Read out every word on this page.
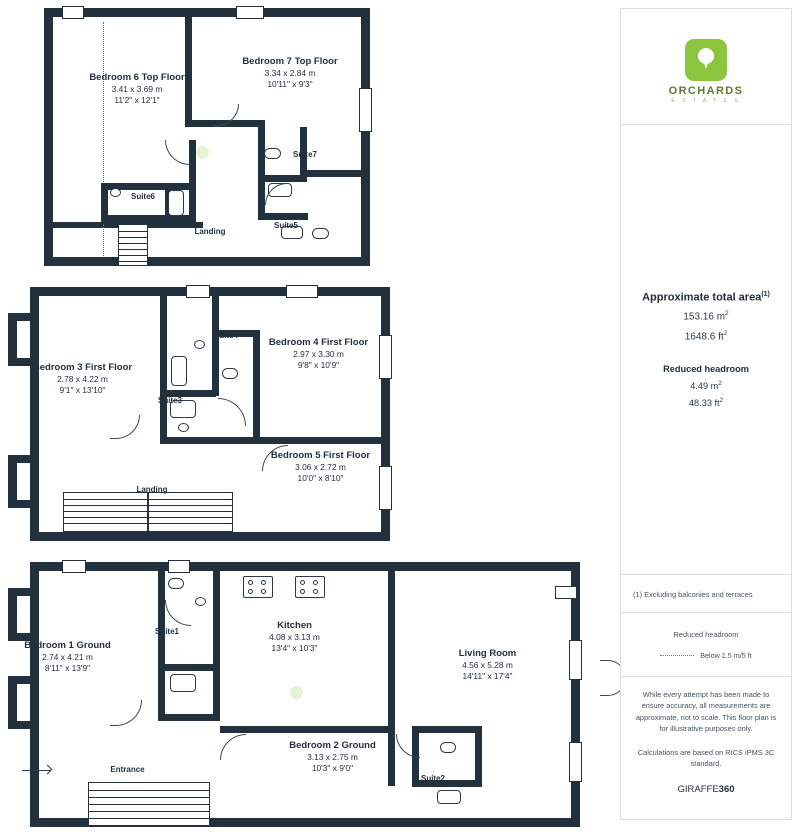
Bedroom 6 Top Floor
3.41 x 3.69 m
11'2" x 12'1"
Bedroom 7 Top Floor
3.34 x 2.84 m
10'11" x 9'3"
Suite7
Suite6
Suite5
Landing
Bedroom 3 First Floor
2.78 x 4.22 m
9'1" x 13'10"
Bedroom 4 First Floor
2.97 x 3.30 m
9'8" x 10'9"
Bedroom 5 First Floor
3.06 x 2.72 m
10'0" x 8'10"
Suite4
Suite3
Landing
Bedroom 1 Ground
2.74 x 4.21 m
8'11" x 13'9"
Kitchen
4.08 x 3.13 m
13'4" x 10'3"
Living Room
4.56 x 5.28 m
14'11" x 17'4"
Bedroom 2 Ground
3.13 x 2.75 m
10'3" x 9'0"
Suite1
Suite2
Entrance
ORCHARDS
E S T A T E S
Approximate total area$^{(1)}$
153.16 $m^2$
1648.6 $ft^2$
Reduced headroom
4.49 $m^2$
48.33 $ft^2$
(1) Excluding balconies and terraces
Reduced headroom
Below 1.5 m/5 ft
While every attempt has been made to ensure accuracy, all measurements are approximate, not to scale. This floor plan is for illustrative purposes only.
Calculations are based on RICS iPMS 3C standard.
GIRAFFE360
